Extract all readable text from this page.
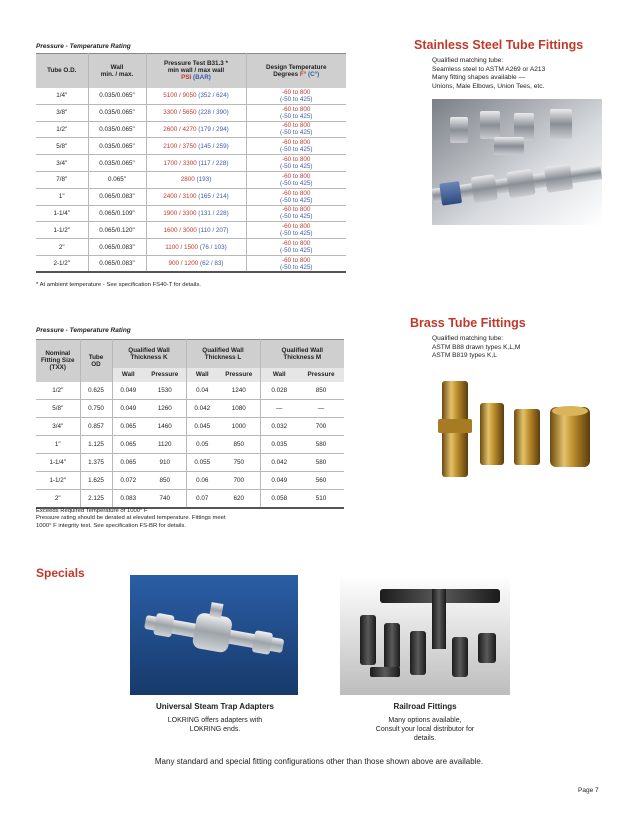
Pressure - Temperature Rating	Stainless Steel Tube Fittings
Qualified matching tube:
Seamless steel to ASTM A269 or A213
Many fitting shapes available —
Unions, Male Elbows, Union Tees, etc.
Tube O.D.	Wall
min. / max.	Pressure Test B31.3 *
min wall / max wall
PSI (BAR)	Design Temperature
Degrees F° (C°)
1/4"	0.035/0.065"	5100 / 9050 (352 / 624)	-60 to 800
(-50 to 425)
3/8"	0.035/0.065"	3300 / 5650 (228 / 390)	-60 to 800
(-50 to 425)
1/2"	0.035/0.065"	2600 / 4270 (179 / 294)	-60 to 800
(-50 to 425)
5/8"	0.035/0.065"	2100 / 3750 (145 / 259)	-60 to 800
(-50 to 425)
3/4"	0.035/0.065"	1700 / 3300 (117 / 228)	-60 to 800
(-50 to 425)
7/8"	0.065"	2800 (193)	-60 to 800
(-50 to 425)
1"	0.065/0.083"	2400 / 3100 (165 / 214)	-60 to 800
(-50 to 425)
1-1/4"	0.065/0.109"	1900 / 3300 (131 / 228)	-60 to 800
(-50 to 425)
1-1/2"	0.065/0.120"	1600 / 3000 (110 / 207)	-60 to 800
(-50 to 425)
2"	0.065/0.083"	1100 / 1500 (76 / 103)	-60 to 800
(-50 to 425)
2-1/2"	0.065/0.083"	900 / 1200 (62 / 83)	-60 to 800
(-50 to 425)
* At ambient temperature - See specification FS40-T for details.
Pressure - Temperature Rating
Brass Tube Fittings
Qualified matching tube:
ASTM B88 drawn types K,L,M
ASTM B819 types K,L
Nominal
Fitting Size
(TXX)	Tube
OD	Qualified Wall
Thickness K		Qualified Wall
Thickness L		Qualified Wall
Thickness M	
		Wall	Pressure	Wall	Pressure	Wall	Pressure
1/2"	0.625	0.049	1530	0.04	1240	0.028	850
5/8"	0.750	0.049	1260	0.042	1080	—	—
3/4"	0.857	0.065	1460	0.045	1000	0.032	700
1"	1.125	0.065	1120	0.05	850	0.035	580
1-1/4"	1.375	0.065	910	0.055	750	0.042	580
1-1/2"	1.625	0.072	850	0.06	700	0.049	560
2"	2.125	0.083	740	0.07	620	0.058	510
Exceeds Required Temperature of 1000° F
Pressure rating should be derated at elevated temperature. Fittings meet
1000° F integrity test. See specification FS-BR for details.
Specials
Universal Steam Trap Adapters
LOKRING offers adapters with
LOKRING ends.
Railroad Fittings
Many options available,
Consult your local distributor for
details.
Many standard and special fitting configurations other than those shown above are available.
Page 7
